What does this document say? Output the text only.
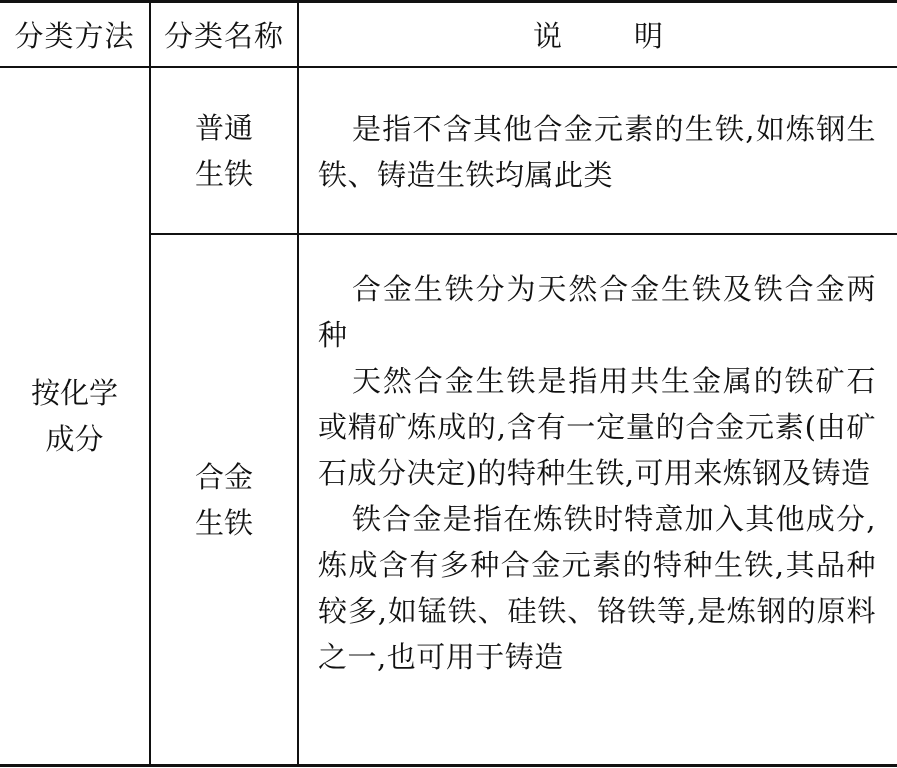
分类方法	分类名称	说 明
按化学
成分
普通
生铁

是指不含其他合金元素的生铁,如炼钢生铁、铸造生铁均属此类

合金
生铁

合金生铁分为天然合金生铁及铁合金两种

天然合金生铁是指用共生金属的铁矿石或精矿炼成的,含有一定量的合金元素(由矿石成分决定)的特种生铁,可用来炼钢及铸造

铁合金是指在炼铁时特意加入其他成分,炼成含有多种合金元素的特种生铁,其品种较多,如锰铁、硅铁、铬铁等,是炼钢的原料之一,也可用于铸造
